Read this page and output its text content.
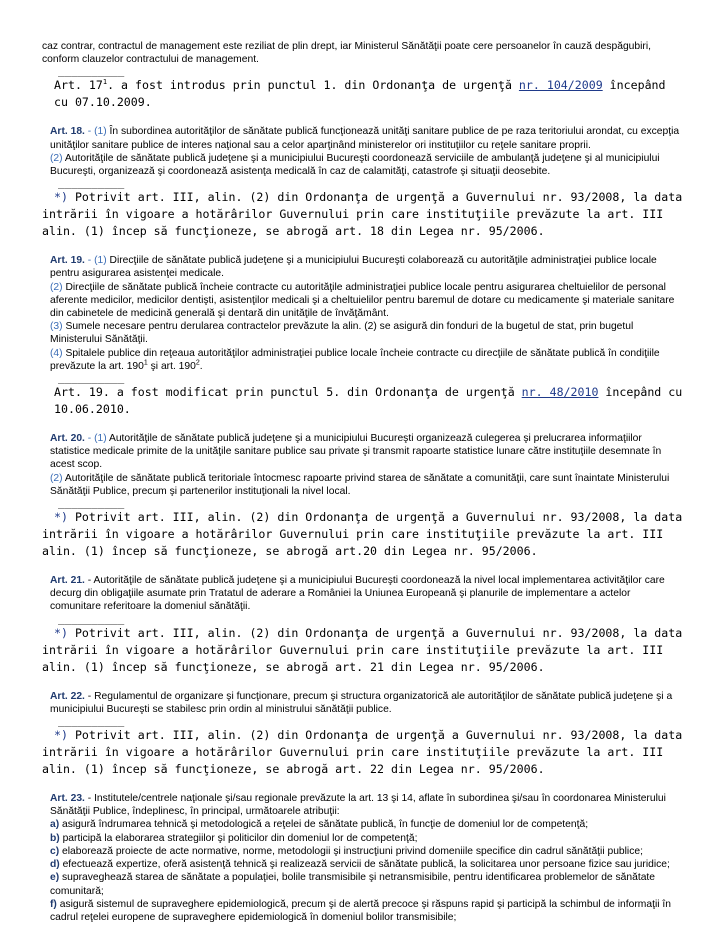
caz contrar, contractul de management este reziliat de plin drept, iar Ministerul Sănătăţii poate cere persoanelor în cauză despăgubiri, conform clauzelor contractului de management.

__________

Art. $17^1$. a fost introdus prin punctul 1. din Ordonanţa de urgenţă nr. 104/2009 începând cu 07.10.2009.

Art. 18. - (1) În subordinea autorităţilor de sănătate publică funcţionează unităţi sanitare publice de pe raza teritoriului arondat, cu excepţia unităţilor sanitare publice de interes naţional sau a celor aparţinând ministerelor ori instituţiilor cu reţele sanitare proprii.

(2) Autorităţile de sănătate publică judeţene şi a municipiului Bucureşti coordonează serviciile de ambulanţă judeţene şi al municipiului Bucureşti, organizează şi coordonează asistenţa medicală în caz de calamităţi, catastrofe şi situaţii deosebite.

__________

*) Potrivit art. III, alin. (2) din Ordonanţa de urgenţă a Guvernului nr. 93/2008, la data intrării în vigoare a hotărârilor Guvernului prin care instituţiile prevăzute la art. III alin. (1) încep să funcţioneze, se abrogă art. 18 din Legea nr. 95/2006.

Art. 19. - (1) Direcţiile de sănătate publică judeţene şi a municipiului Bucureşti colaborează cu autorităţile administraţiei publice locale pentru asigurarea asistenţei medicale.

(2) Direcţiile de sănătate publică încheie contracte cu autorităţile administraţiei publice locale pentru asigurarea cheltuielilor de personal aferente medicilor, medicilor dentişti, asistenţilor medicali şi a cheltuielilor pentru baremul de dotare cu medicamente şi materiale sanitare din cabinetele de medicină generală şi dentară din unităţile de învăţământ.

(3) Sumele necesare pentru derularea contractelor prevăzute la alin. (2) se asigură din fonduri de la bugetul de stat, prin bugetul Ministerului Sănătăţii.

(4) Spitalele publice din reţeaua autorităţilor administraţiei publice locale încheie contracte cu direcţiile de sănătate publică în condiţiile prevăzute la art. $190^1$ şi art. $190^2$.

__________

Art. 19. a fost modificat prin punctul 5. din Ordonanţa de urgenţă nr. 48/2010 începând cu 10.06.2010.

Art. 20. - (1) Autorităţile de sănătate publică judeţene şi a municipiului Bucureşti organizează culegerea şi prelucrarea informaţiilor statistice medicale primite de la unităţile sanitare publice sau private şi transmit rapoarte statistice lunare către instituţiile desemnate în acest scop.

(2) Autorităţile de sănătate publică teritoriale întocmesc rapoarte privind starea de sănătate a comunităţii, care sunt înaintate Ministerului Sănătăţii Publice, precum şi partenerilor instituţionali la nivel local.

__________

*) Potrivit art. III, alin. (2) din Ordonanţa de urgenţă a Guvernului nr. 93/2008, la data intrării în vigoare a hotărârilor Guvernului prin care instituţiile prevăzute la art. III alin. (1) încep să funcţioneze, se abrogă art.20 din Legea nr. 95/2006.

Art. 21. - Autorităţile de sănătate publică judeţene şi a municipiului Bucureşti coordonează la nivel local implementarea activităţilor care decurg din obligaţiile asumate prin Tratatul de aderare a României la Uniunea Europeană şi planurile de implementare a actelor comunitare referitoare la domeniul sănătăţii.

__________

*) Potrivit art. III, alin. (2) din Ordonanţa de urgenţă a Guvernului nr. 93/2008, la data intrării în vigoare a hotărârilor Guvernului prin care instituţiile prevăzute la art. III alin. (1) încep să funcţioneze, se abrogă art. 21 din Legea nr. 95/2006.

Art. 22. - Regulamentul de organizare şi funcţionare, precum şi structura organizatorică ale autorităţilor de sănătate publică judeţene şi a municipiului Bucureşti se stabilesc prin ordin al ministrului sănătăţii publice.

__________

*) Potrivit art. III, alin. (2) din Ordonanţa de urgenţă a Guvernului nr. 93/2008, la data intrării în vigoare a hotărârilor Guvernului prin care instituţiile prevăzute la art. III alin. (1) încep să funcţioneze, se abrogă art. 22 din Legea nr. 95/2006.

Art. 23. - Institutele/centrele naţionale şi/sau regionale prevăzute la art. 13 şi 14, aflate în subordinea şi/sau în coordonarea Ministerului Sănătăţii Publice, îndeplinesc, în principal, următoarele atribuţii:

a) asigură îndrumarea tehnică şi metodologică a reţelei de sănătate publică, în funcţie de domeniul lor de competenţă;

b) participă la elaborarea strategiilor şi politicilor din domeniul lor de competenţă;

c) elaborează proiecte de acte normative, norme, metodologii şi instrucţiuni privind domeniile specifice din cadrul sănătăţii publice;

d) efectuează expertize, oferă asistenţă tehnică şi realizează servicii de sănătate publică, la solicitarea unor persoane fizice sau juridice;

e) supraveghează starea de sănătate a populaţiei, bolile transmisibile şi netransmisibile, pentru identificarea problemelor de sănătate comunitară;

f) asigură sistemul de supraveghere epidemiologică, precum şi de alertă precoce şi răspuns rapid şi participă la schimbul de informaţii în cadrul reţelei europene de supraveghere epidemiologică în domeniul bolilor transmisibile;
